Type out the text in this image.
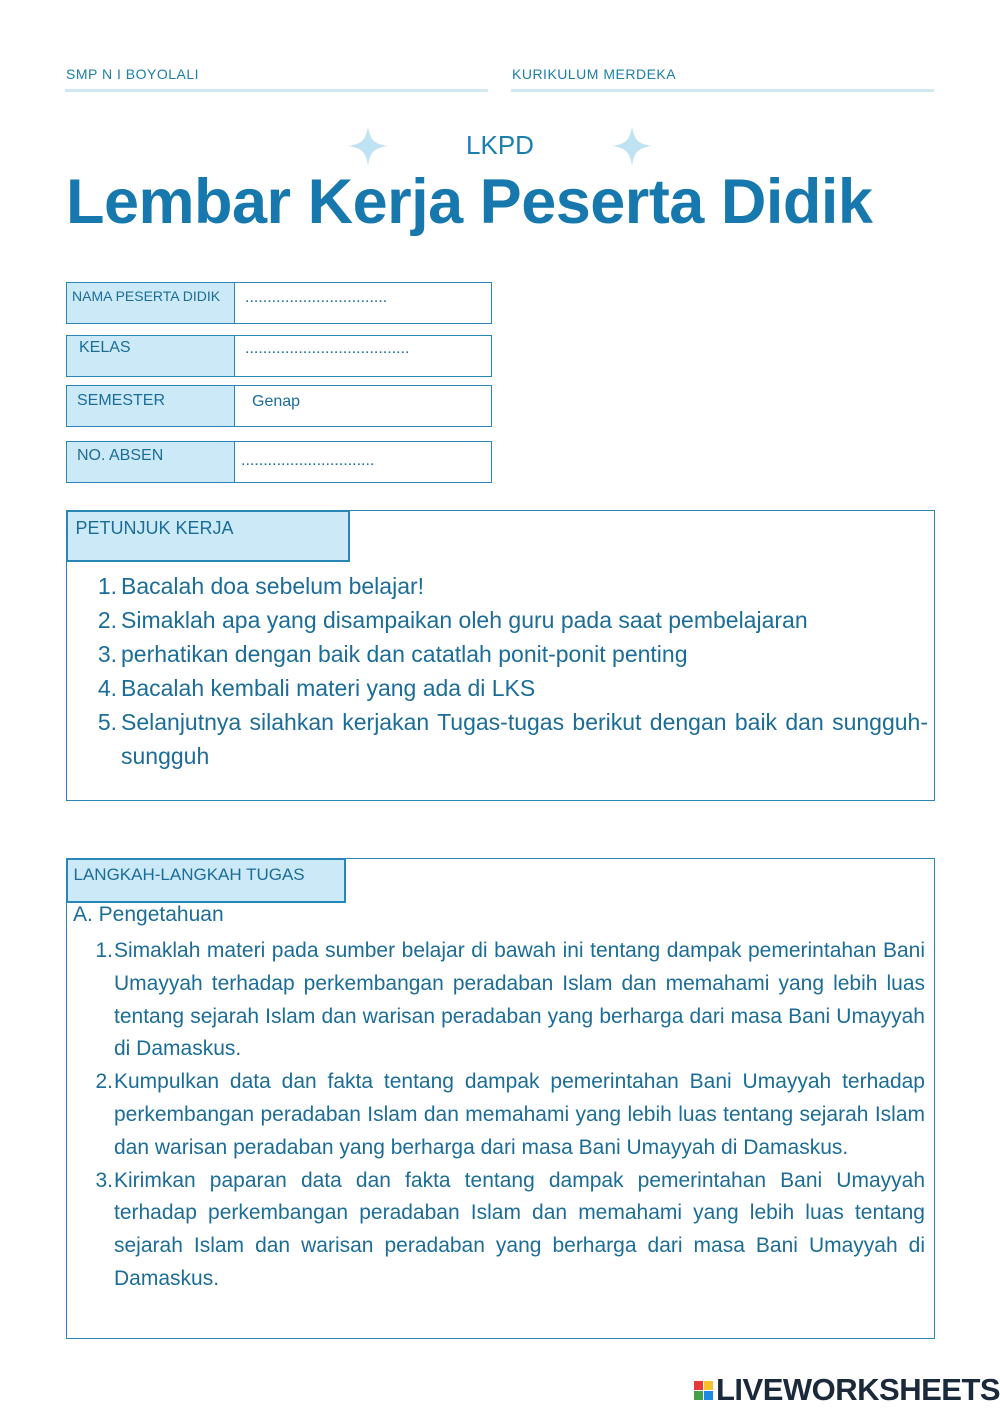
SMP N I BOYOLALI	KURIKULUM MERDEKA
LKPD
Lembar Kerja Peserta Didik
NAMA PESERTA DIDIK	................................
KELAS	.....................................
SEMESTER	Genap
NO. ABSEN	..............................
PETUNJUK KERJA
1. Bacalah doa sebelum belajar!
2. Simaklah apa yang disampaikan oleh guru pada saat pembelajaran
3. perhatikan dengan baik dan catatlah ponit-ponit penting
4. Bacalah kembali materi yang ada di LKS
5. Selanjutnya silahkan kerjakan Tugas-tugas berikut dengan baik dan sungguh-sungguh
LANGKAH-LANGKAH TUGAS
A. Pengetahuan
1. Simaklah materi pada sumber belajar di bawah ini tentang dampak pemerintahan Bani Umayyah terhadap perkembangan peradaban Islam dan memahami yang lebih luas tentang sejarah Islam dan warisan peradaban yang berharga dari masa Bani Umayyah di Damaskus.
2. Kumpulkan data dan fakta tentang dampak pemerintahan Bani Umayyah terhadap perkembangan peradaban Islam dan memahami yang lebih luas tentang sejarah Islam dan warisan peradaban yang berharga dari masa Bani Umayyah di Damaskus.
3. Kirimkan paparan data dan fakta tentang dampak pemerintahan Bani Umayyah terhadap perkembangan peradaban Islam dan memahami yang lebih luas tentang sejarah Islam dan warisan peradaban yang berharga dari masa Bani Umayyah di Damaskus.
LIVEWORKSHEETS
